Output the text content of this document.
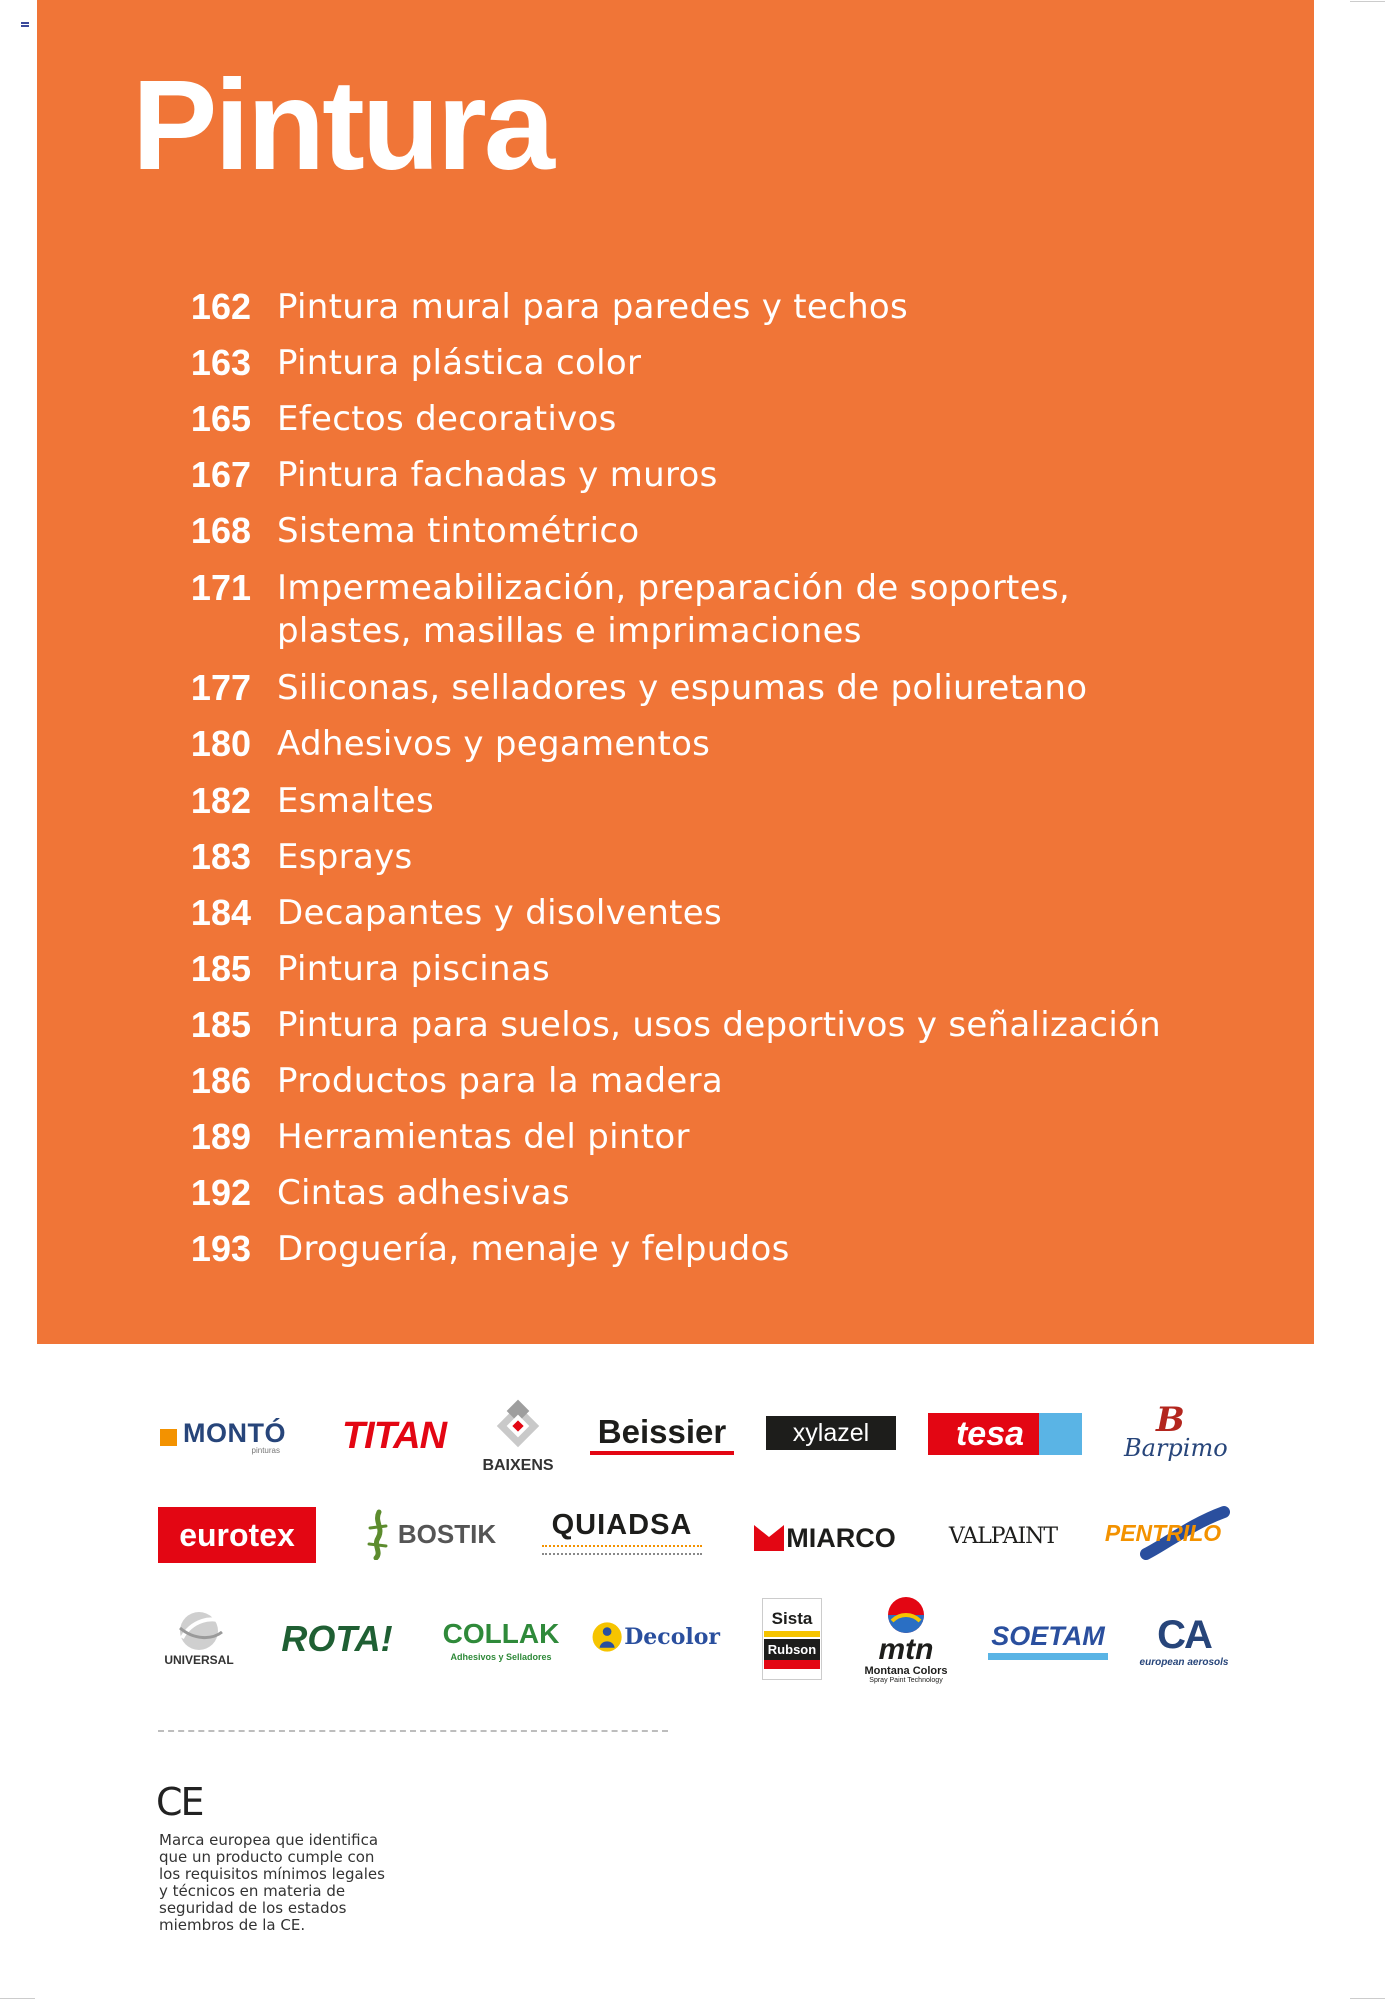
Pintura
162 Pintura mural para paredes y techos
163 Pintura plástica color
165 Efectos decorativos
167 Pintura fachadas y muros
168 Sistema tintométrico
171 Impermeabilización, preparación de soportes,
plastes, masillas e imprimaciones
177 Siliconas, selladores y espumas de poliuretano
180 Adhesivos y pegamentos
182 Esmaltes
183 Esprays
184 Decapantes y disolventes
185 Pintura piscinas
185 Pintura para suelos, usos deportivos y señalización
186 Productos para la madera
189 Herramientas del pintor
192 Cintas adhesivas
193 Droguería, menaje y felpudos
MONTÓ
pinturas TITAN
BAIXENS
Beissier	xylazel	tesa	B
Barpimo
eurotex	BOSTIK QUIADSA	MIARCO VALPAINT PENTRILO
UNIVERSAL
ROTA! COLLAK
Adhesivos y Selladores
Decolor
Sista
Rubson mtn
Montana Colors
Spray Paint Technology
SOETAM CA
european aerosols
CE

Marca europea que identifica
que un producto cumple con
los requisitos mínimos legales
y técnicos en materia de
seguridad de los estados
miembros de la CE.
